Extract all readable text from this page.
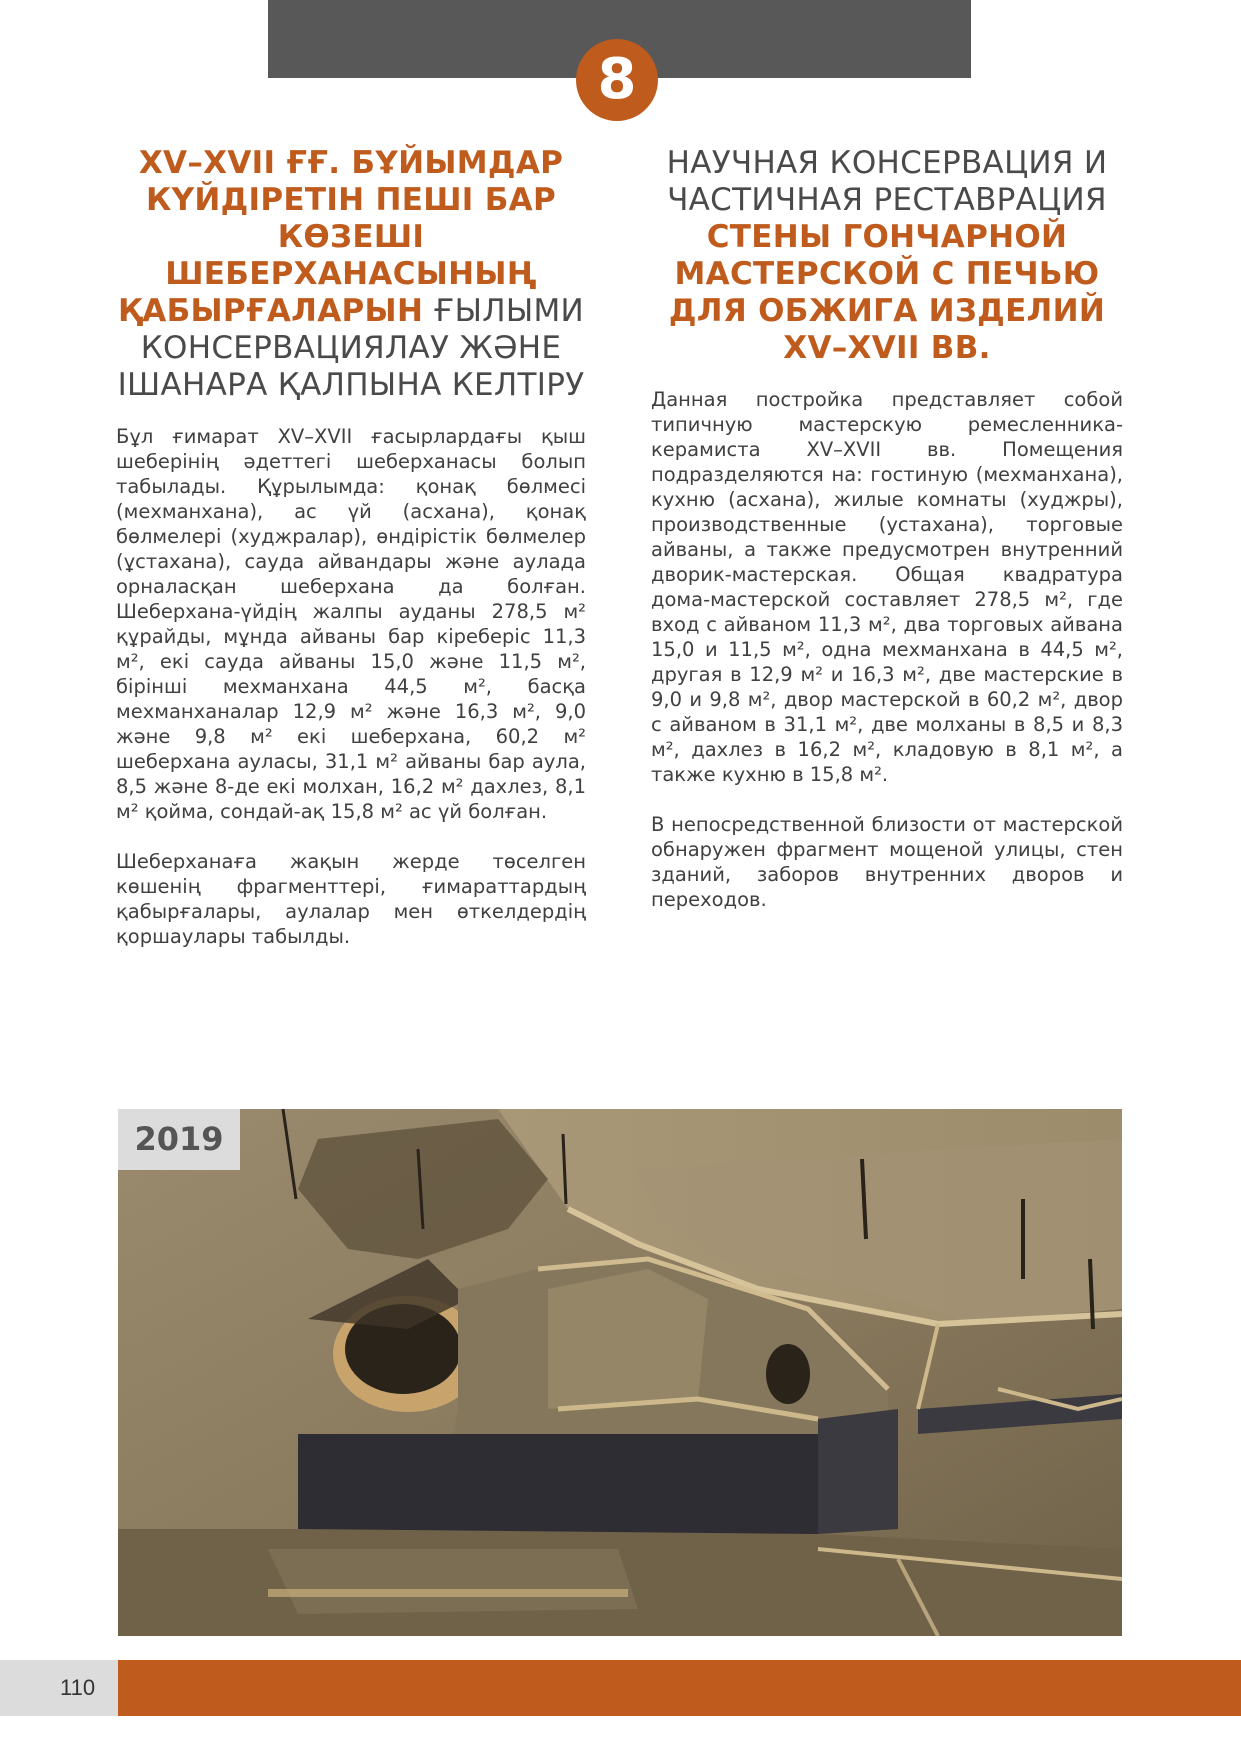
8
XV–XVII ҒҒ. БҰЙЫМДАР КҮЙДІРЕТІН ПЕШІ БАР КӨЗЕШІ ШЕБЕРХАНАСЫНЫҢ ҚАБЫРҒАЛАРЫН ҒЫЛЫМИ КОНСЕРВАЦИЯЛАУ ЖӘНЕ ІШАНАРА ҚАЛПЫНА КЕЛТІРУ

Бұл ғимарат XV–XVII ғасырлардағы қыш шеберінің әдеттегі шеберханасы болып табылады. Құрылымда: қонақ бөлмесі (мехманхана), ас үй (асхана), қонақ бөлмелері (худжралар), өндірістік бөлмелер (ұстахана), сауда айвандары және аулада орналасқан шеберхана да болған. Шеберхана-үйдің жалпы ауданы 278,5 м² құрайды, мұнда айваны бар кіреберіс 11,3 м², екі сауда айваны 15,0 және 11,5 м², бірінші мехманхана 44,5 м², басқа мехманханалар 12,9 м² және 16,3 м², 9,0 және 9,8 м² екі шеберхана, 60,2 м² шеберхана ауласы, 31,1 м² айваны бар аула, 8,5 және 8-де екі молхан, 16,2 м² дахлез, 8,1 м² қойма, сондай-ақ 15,8 м² ас үй болған.

Шеберханаға жақын жерде төселген көшенің фрагменттері, ғимараттардың қабырғалары, аулалар мен өткелдердің қоршаулары табылды.

НАУЧНАЯ КОНСЕРВАЦИЯ И ЧАСТИЧНАЯ РЕСТАВРАЦИЯ СТЕНЫ ГОНЧАРНОЙ МАСТЕРСКОЙ С ПЕЧЬЮ ДЛЯ ОБЖИГА ИЗДЕЛИЙ XV–XVII ВВ.

Данная постройка представляет собой типичную мастерскую ремесленника-керамиста XV–XVII вв. Помещения подразделяются на: гостиную (мехманхана), кухню (асхана), жилые комнаты (худжры), производственные (устахана), торговые айваны, а также предусмотрен внутренний дворик-мастерская. Общая квадратура дома-мастерской составляет 278,5 м², где вход с айваном 11,3 м², два торговых айвана 15,0 и 11,5 м², одна мехманхана в 44,5 м², другая в 12,9 м² и 16,3 м², две мастерские в 9,0 и 9,8 м², двор мастерской в 60,2 м², двор с айваном в 31,1 м², две молханы в 8,5 и 8,3 м², дахлез в 16,2 м², кладовую в 8,1 м², а также кухню в 15,8 м².

В непосредственной близости от мастерской обнаружен фрагмент мощеной улицы, стен зданий, заборов внутренних дворов и переходов.

2019
110
